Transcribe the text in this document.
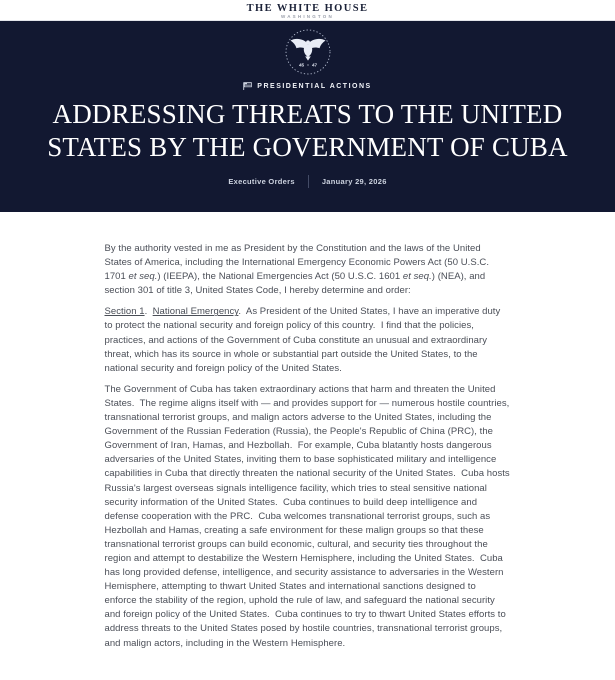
THE WHITE HOUSE
WASHINGTON
45 47
PRESIDENTIAL ACTIONS
ADDRESSING THREATS TO THE UNITED
STATES BY THE GOVERNMENT OF CUBA
Executive Orders	January 29, 2026

By the authority vested in me as President by the Constitution and the laws of the United States of America, including the International Emergency Economic Powers Act (50 U.S.C. 1701 et seq.) (IEEPA), the National Emergencies Act (50 U.S.C. 1601 et seq.) (NEA), and section 301 of title 3, United States Code, I hereby determine and order:

Section 1.  National Emergency.  As President of the United States, I have an imperative duty to protect the national security and foreign policy of this country.  I find that the policies, practices, and actions of the Government of Cuba constitute an unusual and extraordinary threat, which has its source in whole or substantial part outside the United States, to the national security and foreign policy of the United States.

The Government of Cuba has taken extraordinary actions that harm and threaten the United States.  The regime aligns itself with — and provides support for — numerous hostile countries, transnational terrorist groups, and malign actors adverse to the United States, including the Government of the Russian Federation (Russia), the People's Republic of China (PRC), the Government of Iran, Hamas, and Hezbollah.  For example, Cuba blatantly hosts dangerous adversaries of the United States, inviting them to base sophisticated military and intelligence capabilities in Cuba that directly threaten the national security of the United States.  Cuba hosts Russia's largest overseas signals intelligence facility, which tries to steal sensitive national security information of the United States.  Cuba continues to build deep intelligence and defense cooperation with the PRC.  Cuba welcomes transnational terrorist groups, such as Hezbollah and Hamas, creating a safe environment for these malign groups so that these transnational terrorist groups can build economic, cultural, and security ties throughout the region and attempt to destabilize the Western Hemisphere, including the United States.  Cuba has long provided defense, intelligence, and security assistance to adversaries in the Western Hemisphere, attempting to thwart United States and international sanctions designed to enforce the stability of the region, uphold the rule of law, and safeguard the national security and foreign policy of the United States.  Cuba continues to try to thwart United States efforts to address threats to the United States posed by hostile countries, transnational terrorist groups, and malign actors, including in the Western Hemisphere.
